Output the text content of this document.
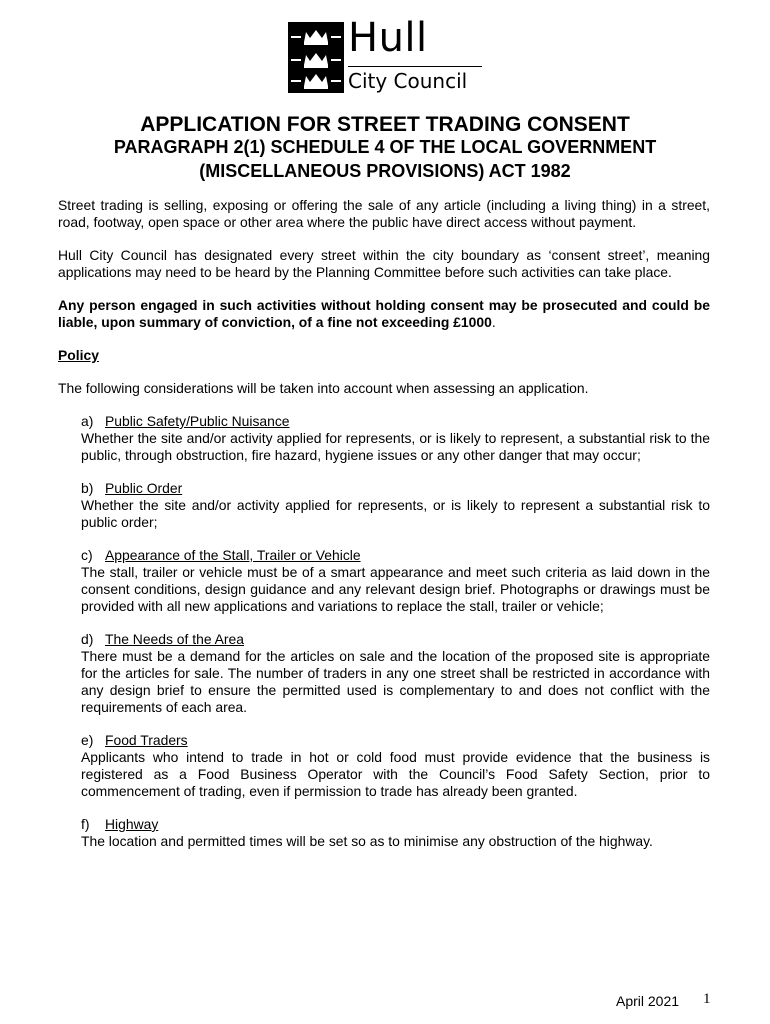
Hull
City Council
APPLICATION FOR STREET TRADING CONSENT
PARAGRAPH 2(1) SCHEDULE 4 OF THE LOCAL GOVERNMENT
(MISCELLANEOUS PROVISIONS) ACT 1982

Street trading is selling, exposing or offering the sale of any article (including a living thing) in a street, road, footway, open space or other area where the public have direct access without payment.

Hull City Council has designated every street within the city boundary as ‘consent street’, meaning applications may need to be heard by the Planning Committee before such activities can take place.

Any person engaged in such activities without holding consent may be prosecuted and could be liable, upon summary of conviction, of a fine not exceeding £1000.

Policy

The following considerations will be taken into account when assessing an application.

a) Public Safety/Public Nuisance
Whether the site and/or activity applied for represents, or is likely to represent, a substantial risk to the public, through obstruction, fire hazard, hygiene issues or any other danger that may occur;
b) Public Order
Whether the site and/or activity applied for represents, or is likely to represent a substantial risk to public order;
c) Appearance of the Stall, Trailer or Vehicle
The stall, trailer or vehicle must be of a smart appearance and meet such criteria as laid down in the consent conditions, design guidance and any relevant design brief. Photographs or drawings must be provided with all new applications and variations to replace the stall, trailer or vehicle;
d) The Needs of the Area
There must be a demand for the articles on sale and the location of the proposed site is appropriate for the articles for sale. The number of traders in any one street shall be restricted in accordance with any design brief to ensure the permitted used is complementary to and does not conflict with the requirements of each area.
e) Food Traders
Applicants who intend to trade in hot or cold food must provide evidence that the business is registered as a Food Business Operator with the Council’s Food Safety Section, prior to commencement of trading, even if permission to trade has already been granted.
f) Highway
The location and permitted times will be set so as to minimise any obstruction of the highway.
April 2021 1
